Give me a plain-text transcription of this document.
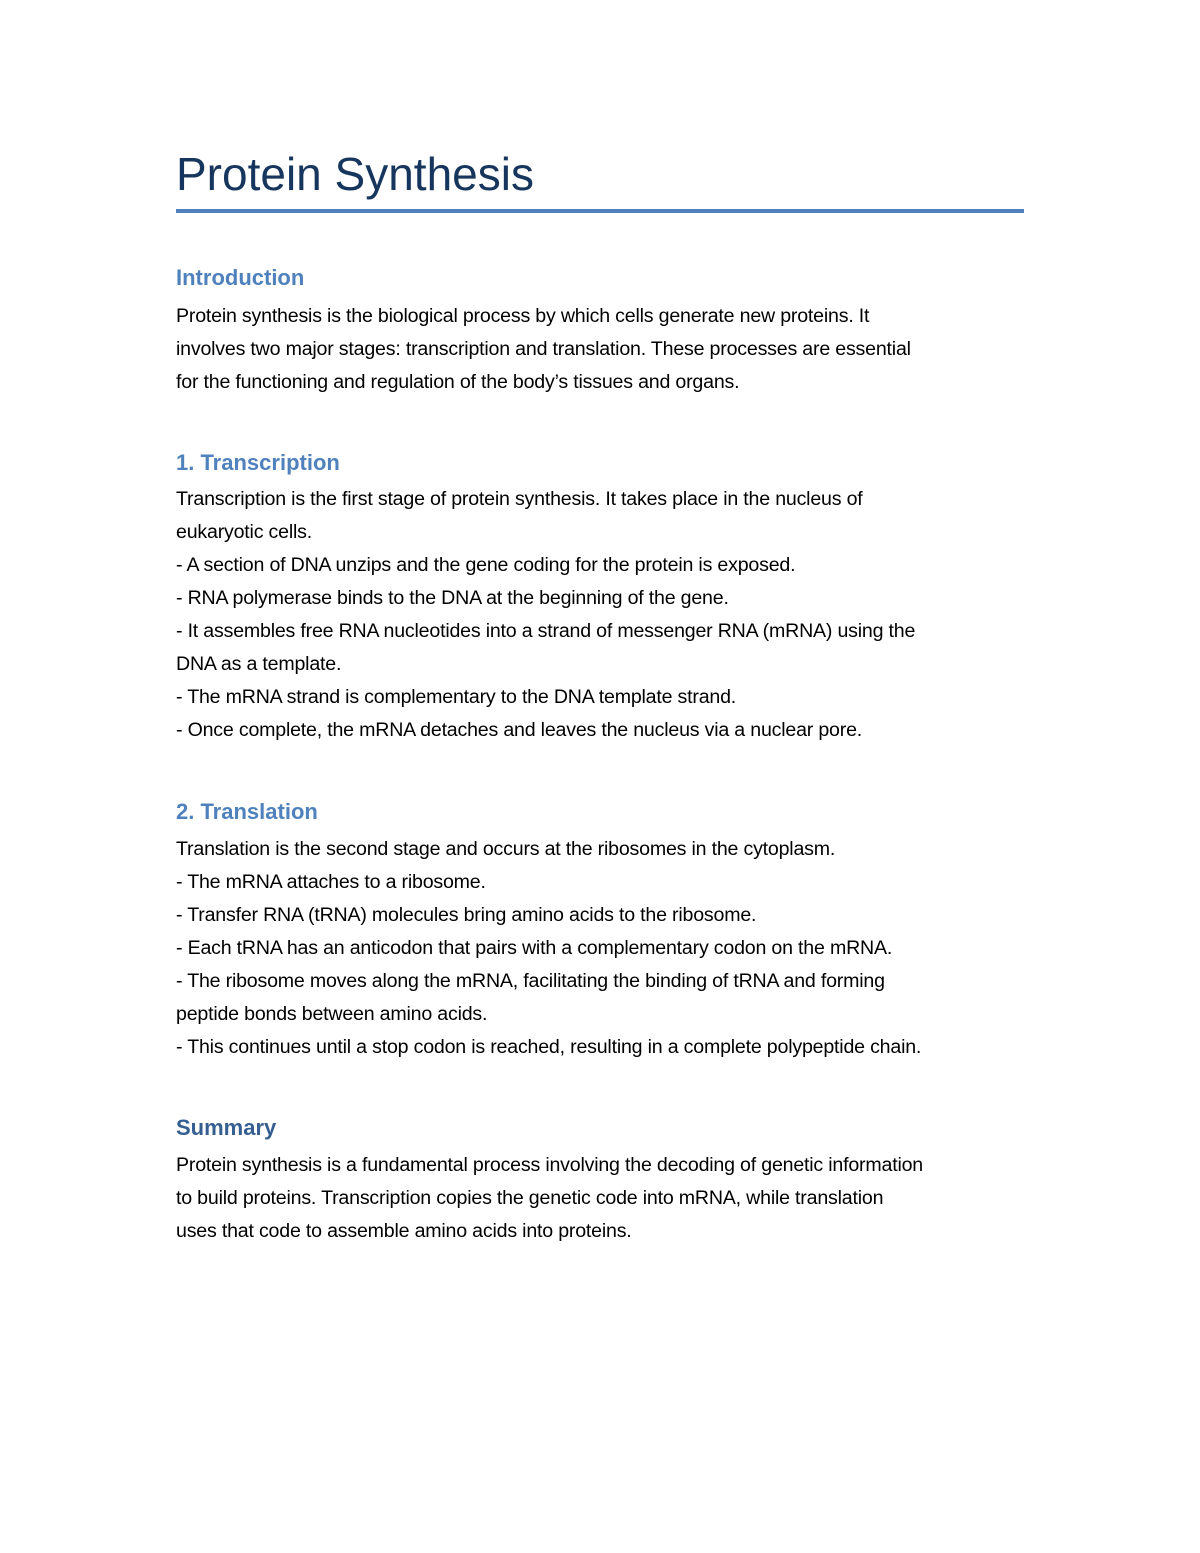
Protein Synthesis
Introduction

Protein synthesis is the biological process by which cells generate new proteins. It
involves two major stages: transcription and translation. These processes are essential
for the functioning and regulation of the body’s tissues and organs.

1. Transcription
Transcription is the first stage of protein synthesis. It takes place in the nucleus of
eukaryotic cells.
- A section of DNA unzips and the gene coding for the protein is exposed.
- RNA polymerase binds to the DNA at the beginning of the gene.
- It assembles free RNA nucleotides into a strand of messenger RNA (mRNA) using the
DNA as a template.
- The mRNA strand is complementary to the DNA template strand.
- Once complete, the mRNA detaches and leaves the nucleus via a nuclear pore.
2. Translation
Translation is the second stage and occurs at the ribosomes in the cytoplasm.
- The mRNA attaches to a ribosome.
- Transfer RNA (tRNA) molecules bring amino acids to the ribosome.
- Each tRNA has an anticodon that pairs with a complementary codon on the mRNA.
- The ribosome moves along the mRNA, facilitating the binding of tRNA and forming
peptide bonds between amino acids.
- This continues until a stop codon is reached, resulting in a complete polypeptide chain.
Summary
Protein synthesis is a fundamental process involving the decoding of genetic information
to build proteins. Transcription copies the genetic code into mRNA, while translation
uses that code to assemble amino acids into proteins.
